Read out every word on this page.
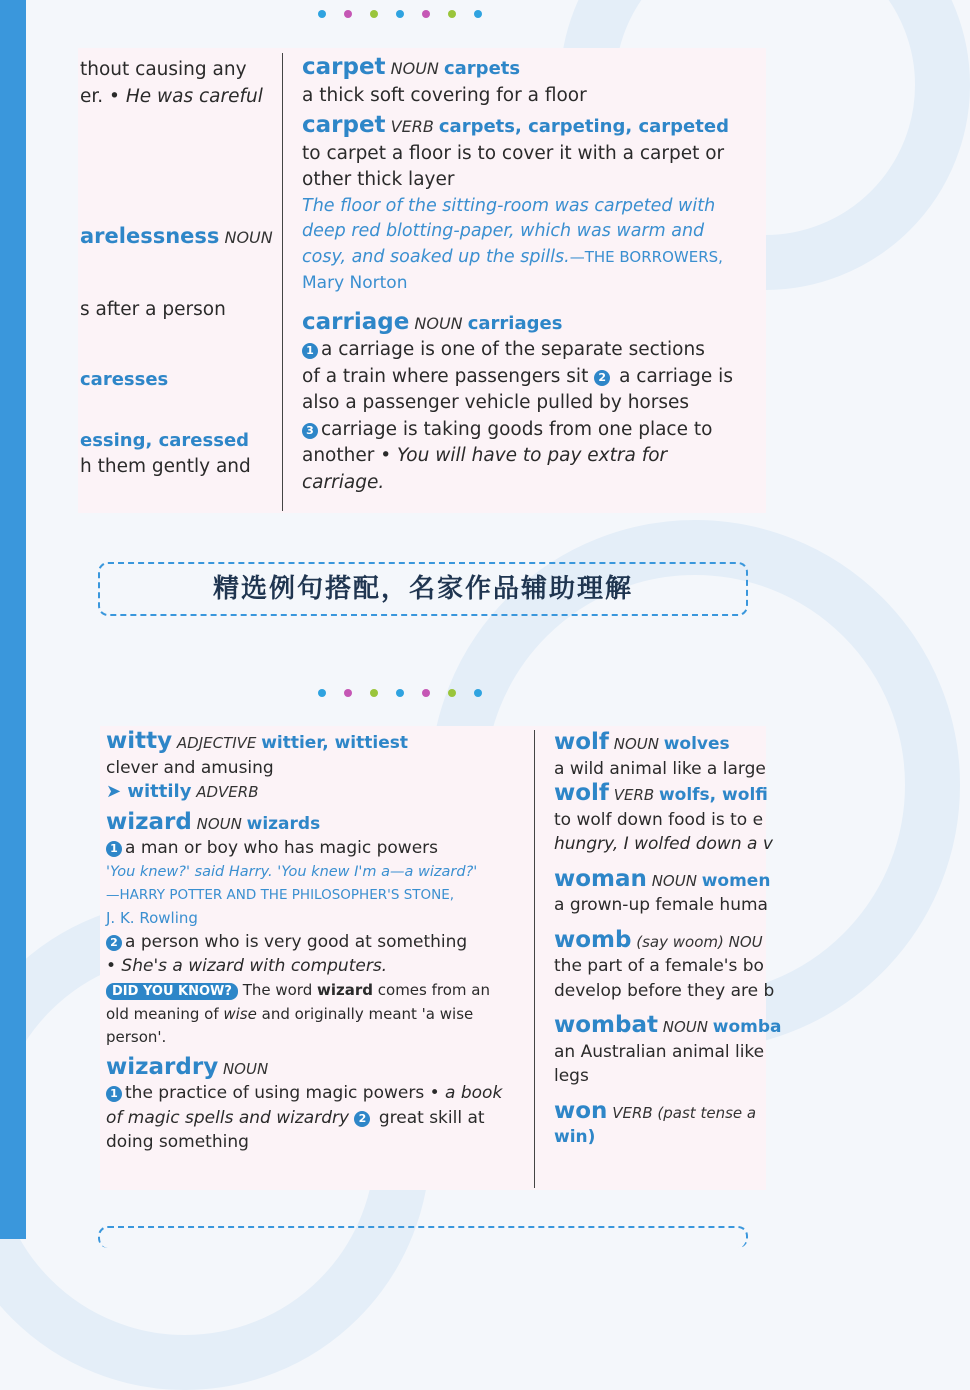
thout causing any
er. • He was careful
arelessness NOUN
s after a person
caresses
essing, caressed
h them gently and
carpet NOUN carpets
a thick soft covering for a floor
carpet VERB carpets, carpeting, carpeted
to carpet a floor is to cover it with a carpet or
other thick layer
The floor of the sitting-room was carpeted with
deep red blotting-paper, which was warm and
cosy, and soaked up the spills.—THE BORROWERS,
Mary Norton
carriage NOUN carriages
1 a carriage is one of the separate sections
of a train where passengers sit 2 a carriage is
also a passenger vehicle pulled by horses
3 carriage is taking goods from one place to
another • You will have to pay extra for
carriage.
精选例句搭配，名家作品辅助理解
witty ADJECTIVE wittier, wittiest
clever and amusing
➤ wittily ADVERB
wizard NOUN wizards
1 a man or boy who has magic powers
'You knew?' said Harry. 'You knew I'm a—a wizard?'
—HARRY POTTER AND THE PHILOSOPHER'S STONE,
J. K. Rowling
2 a person who is very good at something
• She's a wizard with computers.
DID YOU KNOW? The word wizard comes from an
old meaning of wise and originally meant 'a wise
person'.
wizardry NOUN
1 the practice of using magic powers • a book
of magic spells and wizardry 2 great skill at
doing something
wolf NOUN wolves
a wild animal like a large
wolf VERB wolfs, wolfi
to wolf down food is to e
hungry, I wolfed down a v
woman NOUN women
a grown-up female huma
womb (say woom) NOU
the part of a female's bo
develop before they are b
wombat NOUN womba
an Australian animal like
legs
won VERB (past tense a
win)
